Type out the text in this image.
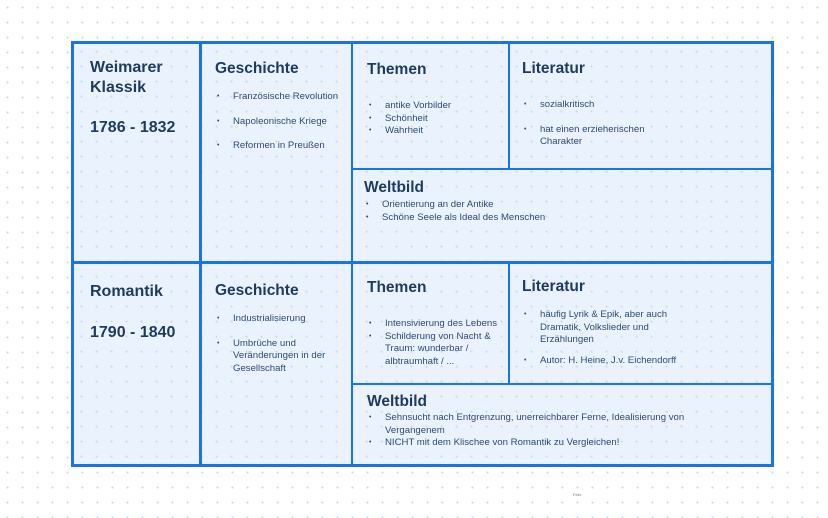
Weimarer Klassik
1786 - 1832
Geschichte
• Französische Revolution
• Napoleonische Kriege
• Reformen in Preußen
Themen
• antike Vorbilder
• Schönheit
• Wahrheit
Literatur
• sozialkritisch
• hat einen erzieherischen Charakter
Weltbild
• Orientierung an der Antike
• Schöne Seele als Ideal des Menschen
Romantik
1790 - 1840
Geschichte
• Industrialisierung
• Umbrüche und Veränderungen in der Gesellschaft
Themen
• Intensivierung des Lebens
• Schilderung von Nacht & Traum: wunderbar / albtraumhaft / ...
Literatur
• häufig Lyrik & Epik, aber auch Dramatik, Volkslieder und Erzählungen
• Autor: H. Heine, J.v. Eichendorff
Weltbild
• Sehnsucht nach Entgrenzung, unerreichbarer Ferne, Idealisierung von Vergangenem
• NICHT mit dem Klischee von Romantik zu Vergleichen!
Felix
